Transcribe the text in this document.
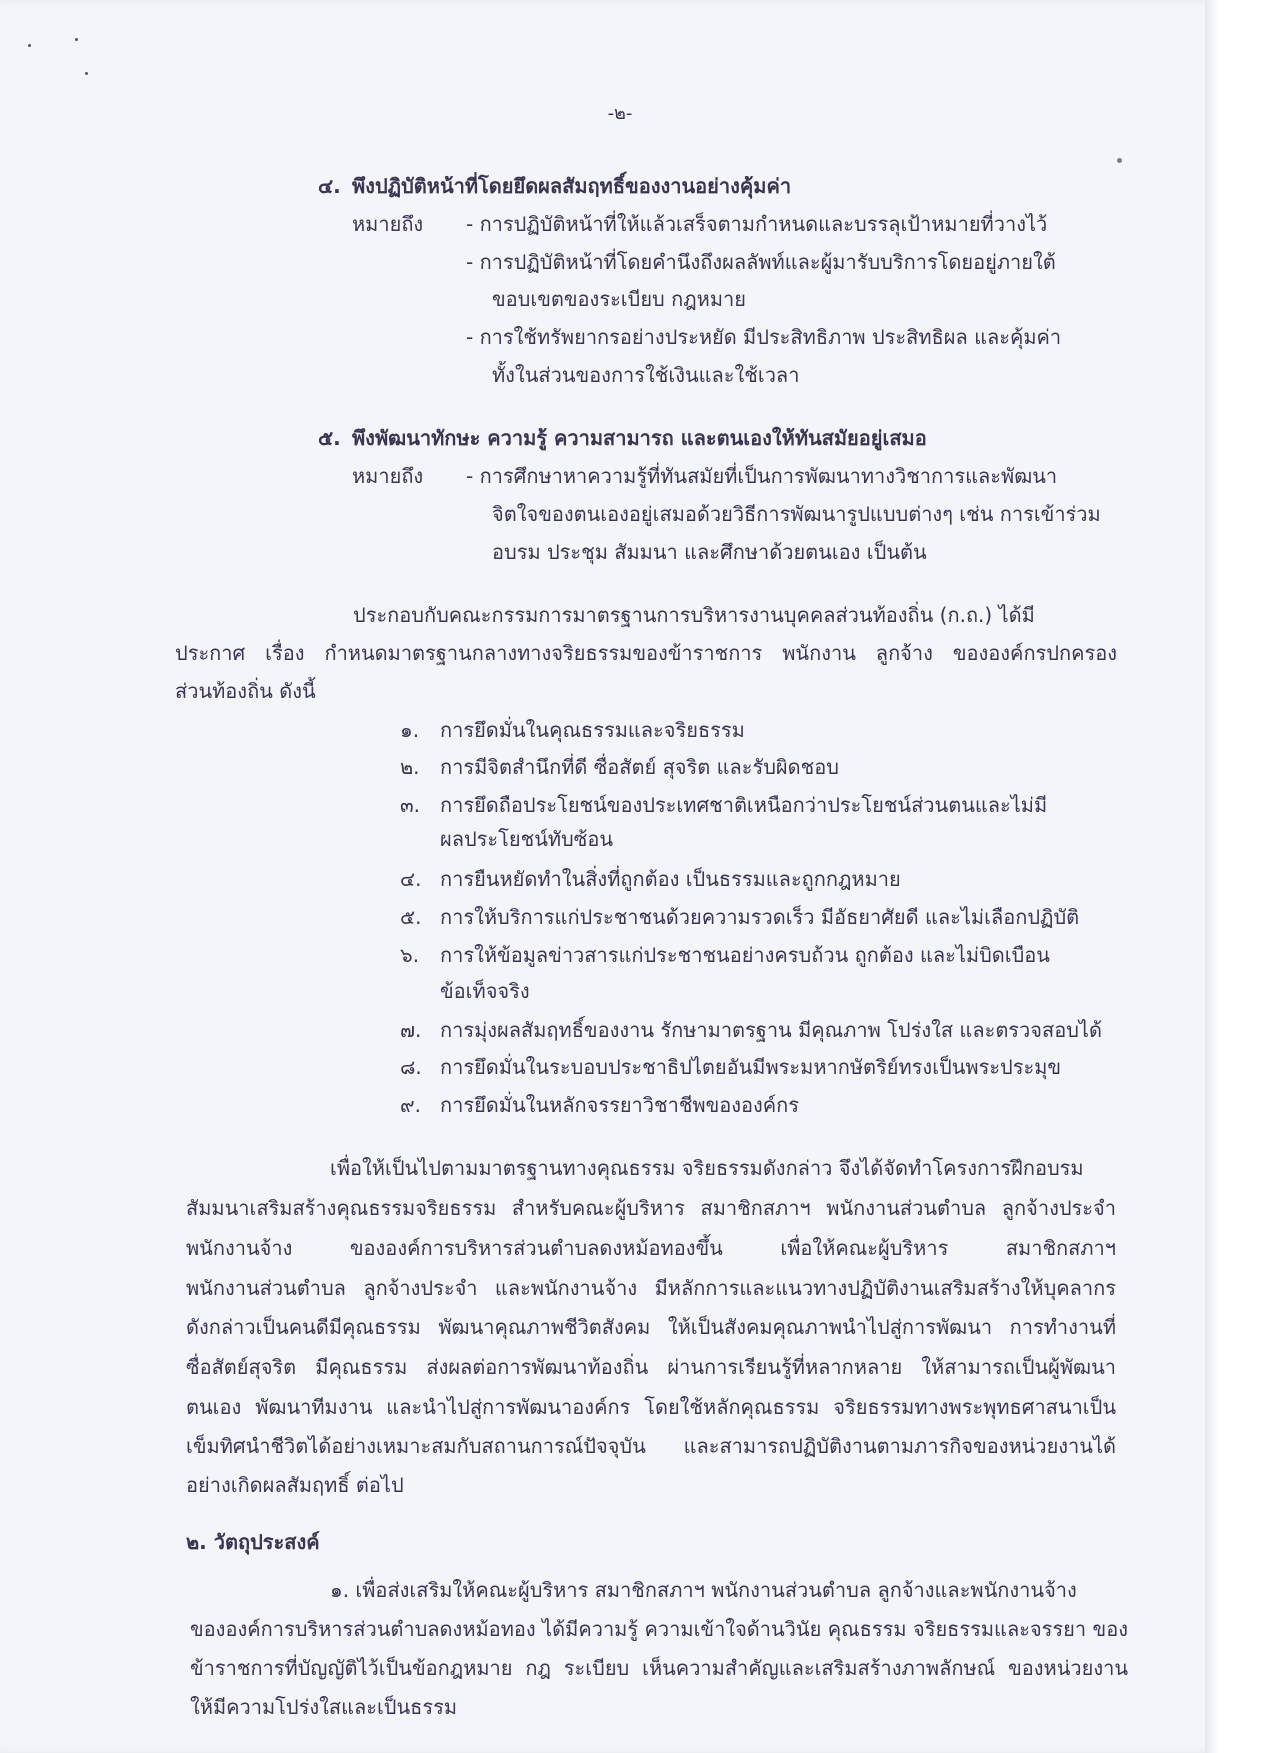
-๒-
๔. พึงปฏิบัติหน้าที่โดยยึดผลสัมฤทธิ์ของงานอย่างคุ้มค่า
หมายถึง - การปฏิบัติหน้าที่ให้แล้วเสร็จตามกำหนดและบรรลุเป้าหมายที่วางไว้
- การปฏิบัติหน้าที่โดยคำนึงถึงผลลัพท์และผู้มารับบริการโดยอยู่ภายใต้
ขอบเขตของระเบียบ กฎหมาย
- การใช้ทรัพยากรอย่างประหยัด มีประสิทธิภาพ ประสิทธิผล และคุ้มค่า
ทั้งในส่วนของการใช้เงินและใช้เวลา
๕. พึงพัฒนาทักษะ ความรู้ ความสามารถ และตนเองให้ทันสมัยอยู่เสมอ
หมายถึง - การศึกษาหาความรู้ที่ทันสมัยที่เป็นการพัฒนาทางวิชาการและพัฒนา
จิตใจของตนเองอยู่เสมอด้วยวิธีการพัฒนารูปแบบต่างๆ เช่น การเข้าร่วม
อบรม ประชุม สัมมนา และศึกษาด้วยตนเอง เป็นต้น
ประกอบกับคณะกรรมการมาตรฐานการบริหารงานบุคคลส่วนท้องถิ่น (ก.ถ.) ได้มี
ประกาศ เรื่อง กำหนดมาตรฐานกลางทางจริยธรรมของข้าราชการ พนักงาน ลูกจ้าง ขององค์กรปกครอง
ส่วนท้องถิ่น ดังนี้
๑. การยึดมั่นในคุณธรรมและจริยธรรม
๒. การมีจิตสำนึกที่ดี ซื่อสัตย์ สุจริต และรับผิดชอบ
๓. การยึดถือประโยชน์ของประเทศชาติเหนือกว่าประโยชน์ส่วนตนและไม่มี
ผลประโยชน์ทับซ้อน
๔. การยืนหยัดทำในสิ่งที่ถูกต้อง เป็นธรรมและถูกกฎหมาย
๕. การให้บริการแก่ประชาชนด้วยความรวดเร็ว มีอัธยาศัยดี และไม่เลือกปฏิบัติ
๖. การให้ข้อมูลข่าวสารแก่ประชาชนอย่างครบถ้วน ถูกต้อง และไม่บิดเบือน
ข้อเท็จจริง
๗. การมุ่งผลสัมฤทธิ์ของงาน รักษามาตรฐาน มีคุณภาพ โปร่งใส และตรวจสอบได้
๘. การยึดมั่นในระบอบประชาธิปไตยอันมีพระมหากษัตริย์ทรงเป็นพระประมุข
๙. การยึดมั่นในหลักจรรยาวิชาชีพขององค์กร
เพื่อให้เป็นไปตามมาตรฐานทางคุณธรรม จริยธรรมดังกล่าว จึงได้จัดทำโครงการฝึกอบรม
สัมมนาเสริมสร้างคุณธรรมจริยธรรม สำหรับคณะผู้บริหาร สมาชิกสภาฯ พนักงานส่วนตำบล ลูกจ้างประจำ
พนักงานจ้าง ขององค์การบริหารส่วนตำบลดงหม้อทองขึ้น เพื่อให้คณะผู้บริหาร สมาชิกสภาฯ
พนักงานส่วนตำบล ลูกจ้างประจำ และพนักงานจ้าง มีหลักการและแนวทางปฏิบัติงานเสริมสร้างให้บุคลากร
ดังกล่าวเป็นคนดีมีคุณธรรม พัฒนาคุณภาพชีวิตสังคม ให้เป็นสังคมคุณภาพนำไปสู่การพัฒนา การทำงานที่
ซื่อสัตย์สุจริต มีคุณธรรม ส่งผลต่อการพัฒนาท้องถิ่น ผ่านการเรียนรู้ที่หลากหลาย ให้สามารถเป็นผู้พัฒนา
ตนเอง พัฒนาทีมงาน และนำไปสู่การพัฒนาองค์กร โดยใช้หลักคุณธรรม จริยธรรมทางพระพุทธศาสนาเป็น
เข็มทิศนำชีวิตได้อย่างเหมาะสมกับสถานการณ์ปัจจุบัน และสามารถปฏิบัติงานตามภารกิจของหน่วยงานได้
อย่างเกิดผลสัมฤทธิ์ ต่อไป
๒. วัตถุประสงค์
๑. เพื่อส่งเสริมให้คณะผู้บริหาร สมาชิกสภาฯ พนักงานส่วนตำบล ลูกจ้างและพนักงานจ้าง
ขององค์การบริหารส่วนตำบลดงหม้อทอง ได้มีความรู้ ความเข้าใจด้านวินัย คุณธรรม จริยธรรมและจรรยา ของ
ข้าราชการที่บัญญัติไว้เป็นข้อกฎหมาย กฎ ระเบียบ เห็นความสำคัญและเสริมสร้างภาพลักษณ์ ของหน่วยงาน
ให้มีความโปร่งใสและเป็นธรรม
